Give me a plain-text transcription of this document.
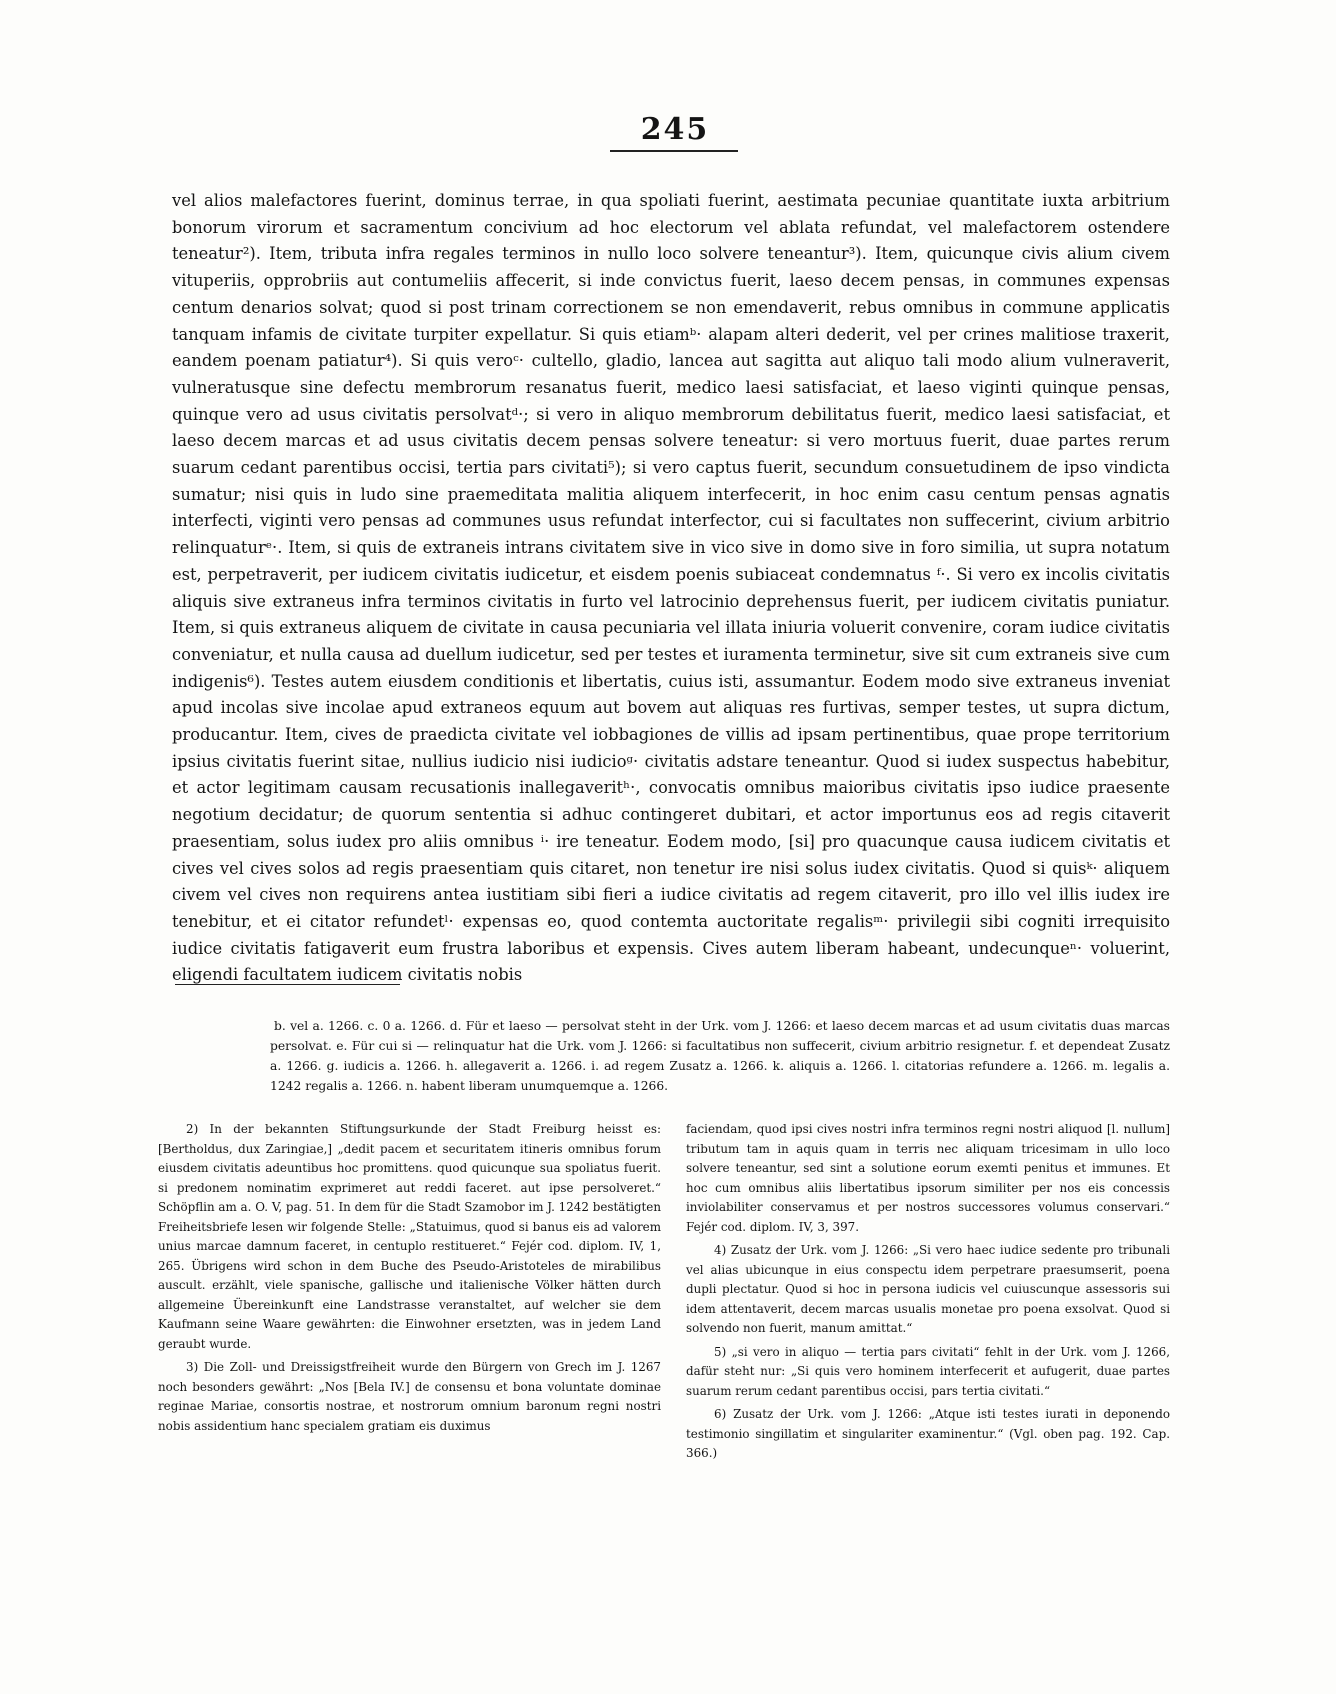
245

vel alios malefactores fuerint, dominus terrae, in qua spoliati fuerint, aestimata pecuniae quantitate iuxta arbitrium bonorum virorum et sacramentum concivium ad hoc electorum vel ablata refundat, vel malefactorem ostendere teneatur²). Item, tributa infra regales terminos in nullo loco solvere teneantur³). Item, quicunque civis alium civem vituperiis, opprobriis aut contumeliis affecerit, si inde convictus fuerit, laeso decem pensas, in communes expensas centum denarios solvat; quod si post trinam correctionem se non emendaverit, rebus omnibus in commune applicatis tanquam infamis de civitate turpiter expellatur. Si quis etiamᵇ· alapam alteri dederit, vel per crines malitiose traxerit, eandem poenam patiatur⁴). Si quis veroᶜ· cultello, gladio, lancea aut sagitta aut aliquo tali modo alium vulneraverit, vulneratusque sine defectu membrorum resanatus fuerit, medico laesi satisfaciat, et laeso viginti quinque pensas, quinque vero ad usus civitatis persolvatᵈ·; si vero in aliquo membrorum debilitatus fuerit, medico laesi satisfaciat, et laeso decem marcas et ad usus civitatis decem pensas solvere teneatur: si vero mortuus fuerit, duae partes rerum suarum cedant parentibus occisi, tertia pars civitati⁵); si vero captus fuerit, secundum consuetudinem de ipso vindicta sumatur; nisi quis in ludo sine praemeditata malitia aliquem interfecerit, in hoc enim casu centum pensas agnatis interfecti, viginti vero pensas ad communes usus refundat interfector, cui si facultates non suffecerint, civium arbitrio relinquaturᵉ·. Item, si quis de extraneis intrans civitatem sive in vico sive in domo sive in foro similia, ut supra notatum est, perpetraverit, per iudicem civitatis iudicetur, et eisdem poenis subiaceat condemnatus ᶠ·. Si vero ex incolis civitatis aliquis sive extraneus infra terminos civitatis in furto vel latrocinio deprehensus fuerit, per iudicem civitatis puniatur. Item, si quis extraneus aliquem de civitate in causa pecuniaria vel illata iniuria voluerit convenire, coram iudice civitatis conveniatur, et nulla causa ad duellum iudicetur, sed per testes et iuramenta terminetur, sive sit cum extraneis sive cum indigenis⁶). Testes autem eiusdem conditionis et libertatis, cuius isti, assumantur. Eodem modo sive extraneus inveniat apud incolas sive incolae apud extraneos equum aut bovem aut aliquas res furtivas, semper testes, ut supra dictum, producantur. Item, cives de praedicta civitate vel iobbagiones de villis ad ipsam pertinentibus, quae prope territorium ipsius civitatis fuerint sitae, nullius iudicio nisi iudicioᵍ· civitatis adstare teneantur. Quod si iudex suspectus habebitur, et actor legitimam causam recusationis inallegaveritʰ·, convocatis omnibus maioribus civitatis ipso iudice praesente negotium decidatur; de quorum sententia si adhuc contingeret dubitari, et actor importunus eos ad regis citaverit praesentiam, solus iudex pro aliis omnibus ⁱ· ire teneatur. Eodem modo, [si] pro quacunque causa iudicem civitatis et cives vel cives solos ad regis praesentiam quis citaret, non tenetur ire nisi solus iudex civitatis. Quod si quisᵏ· aliquem civem vel cives non requirens antea iustitiam sibi fieri a iudice civitatis ad regem citaverit, pro illo vel illis iudex ire tenebitur, et ei citator refundetˡ· expensas eo, quod contemta auctoritate regalisᵐ· privilegii sibi cogniti irrequisito iudice civitatis fatigaverit eum frustra laboribus et expensis. Cives autem liberam habeant, undecunqueⁿ· voluerint, eligendi facultatem iudicem civitatis nobis

b. vel a. 1266. c. 0 a. 1266. d. Für et laeso — persolvat steht in der Urk. vom J. 1266: et laeso decem marcas et ad usum civitatis duas marcas persolvat. e. Für cui si — relinquatur hat die Urk. vom J. 1266: si facultatibus non suffecerit, civium arbitrio resignetur. f. et dependeat Zusatz a. 1266. g. iudicis a. 1266. h. allegaverit a. 1266. i. ad regem Zusatz a. 1266. k. aliquis a. 1266. l. citatorias refundere a. 1266. m. legalis a. 1242 regalis a. 1266. n. habent liberam unumquemque a. 1266.

2) In der bekannten Stiftungsurkunde der Stadt Freiburg heisst es: [Bertholdus, dux Zaringiae,] „dedit pacem et securitatem itineris omnibus forum eiusdem civitatis adeuntibus hoc promittens. quod quicunque sua spoliatus fuerit. si predonem nominatim exprimeret aut reddi faceret. aut ipse persolveret.“ Schöpflin am a. O. V, pag. 51. In dem für die Stadt Szamobor im J. 1242 bestätigten Freiheitsbriefe lesen wir folgende Stelle: „Statuimus, quod si banus eis ad valorem unius marcae damnum faceret, in centuplo restitueret.“ Fejér cod. diplom. IV, 1, 265. Übrigens wird schon in dem Buche des Pseudo-Aristoteles de mirabilibus auscult. erzählt, viele spanische, gallische und italienische Völker hätten durch allgemeine Übereinkunft eine Landstrasse veranstaltet, auf welcher sie dem Kaufmann seine Waare gewährten: die Einwohner ersetzten, was in jedem Land geraubt wurde.

3) Die Zoll- und Dreissigstfreiheit wurde den Bürgern von Grech im J. 1267 noch besonders gewährt: „Nos [Bela IV.] de consensu et bona voluntate dominae reginae Mariae, consortis nostrae, et nostrorum omnium baronum regni nostri nobis assidentium hanc specialem gratiam eis duximus

faciendam, quod ipsi cives nostri infra terminos regni nostri aliquod [l. nullum] tributum tam in aquis quam in terris nec aliquam tricesimam in ullo loco solvere teneantur, sed sint a solutione eorum exemti penitus et immunes. Et hoc cum omnibus aliis libertatibus ipsorum similiter per nos eis concessis inviolabiliter conservamus et per nostros successores volumus conservari.“ Fejér cod. diplom. IV, 3, 397.

4) Zusatz der Urk. vom J. 1266: „Si vero haec iudice sedente pro tribunali vel alias ubicunque in eius conspectu idem perpetrare praesumserit, poena dupli plectatur. Quod si hoc in persona iudicis vel cuiuscunque assessoris sui idem attentaverit, decem marcas usualis monetae pro poena exsolvat. Quod si solvendo non fuerit, manum amittat.“

5) „si vero in aliquo — tertia pars civitati“ fehlt in der Urk. vom J. 1266, dafür steht nur: „Si quis vero hominem interfecerit et aufugerit, duae partes suarum rerum cedant parentibus occisi, pars tertia civitati.“

6) Zusatz der Urk. vom J. 1266: „Atque isti testes iurati in deponendo testimonio singillatim et singulariter examinentur.“ (Vgl. oben pag. 192. Cap. 366.)
